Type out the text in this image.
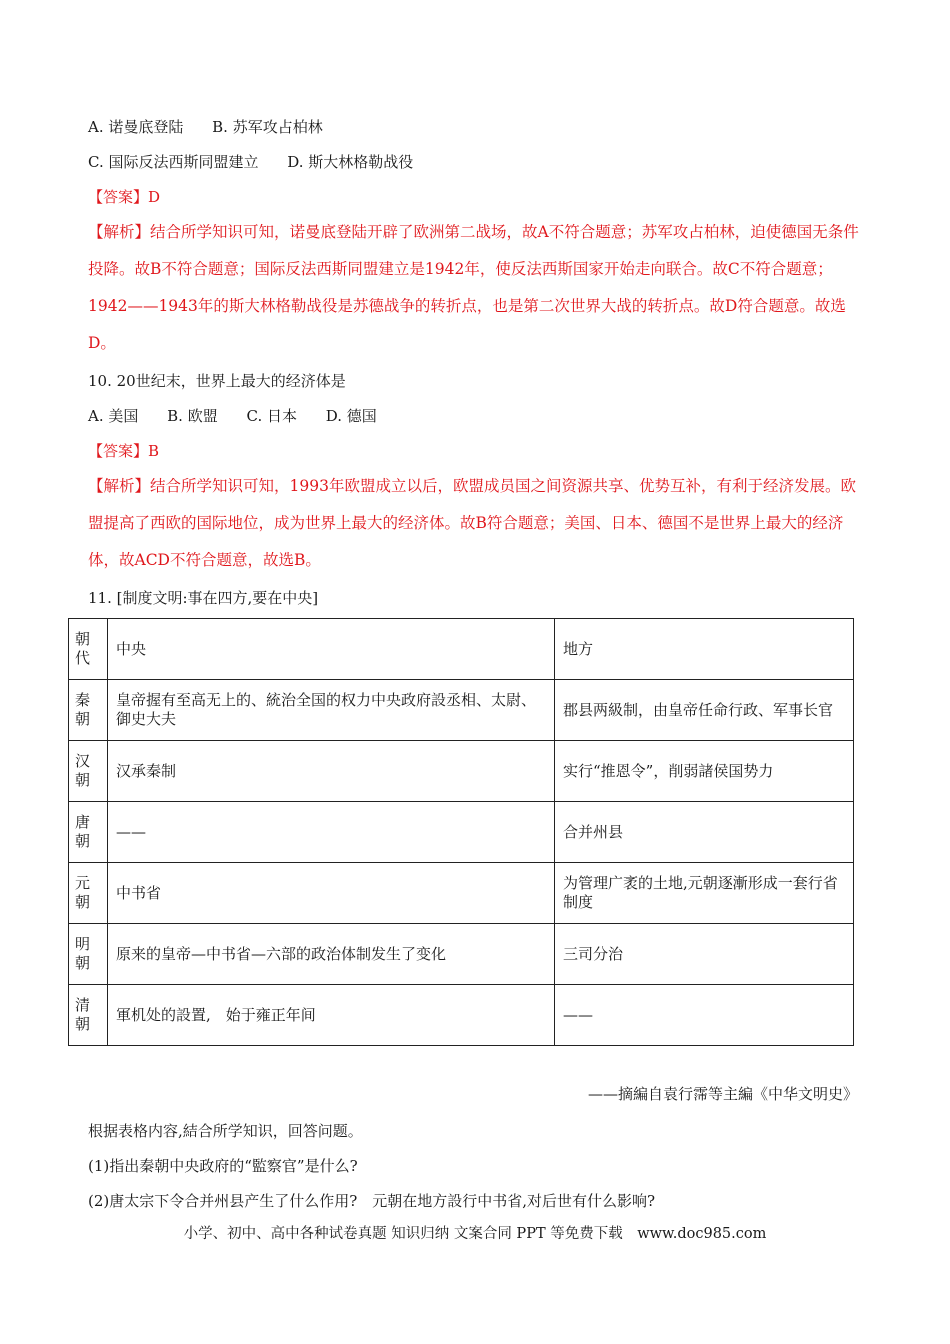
A. 诺曼底登陆 B. 苏军攻占柏林
C. 国际反法西斯同盟建立 D. 斯大林格勒战役
【答案】D
【解析】结合所学知识可知，诺曼底登陆开辟了欧洲第二战场，故A不符合题意；苏军攻占柏林，迫使德国无条件投降。故B不符合题意；国际反法西斯同盟建立是1942年，使反法西斯国家开始走向联合。故C不符合题意；1942——1943年的斯大林格勒战役是苏德战争的转折点，也是第二次世界大战的转折点。故D符合题意。故选D。
10. 20世纪末，世界上最大的经济体是
A. 美国 B. 欧盟 C. 日本 D. 德国
【答案】B
【解析】结合所学知识可知，1993年欧盟成立以后，欧盟成员国之间资源共享、优势互补，有利于经济发展。欧盟提高了西欧的国际地位，成为世界上最大的经济体。故B符合题意；美国、日本、德国不是世界上最大的经济体，故ACD不符合题意，故选B。
11. [制度文明:事在四方,要在中央]
朝代	中央	地方
秦朝	皇帝握有至高无上的、統治全国的权力中央政府設丞相、太尉、御史大夫	郡县两級制，由皇帝任命行政、军事长官
汉朝	汉承秦制	实行“推恩令”，削弱諸侯国势力
唐朝	——	合并州县
元朝	中书省	为管理广袤的土地,元朝逐漸形成一套行省制度
明朝	原来的皇帝—中书省—六部的政治体制发生了变化	三司分治
清朝	軍机处的設置,　始于雍正年间	——
——摘編自袁行霈等主編《中华文明史》
根据表格内容,結合所学知识，回答问题。
(1)指出秦朝中央政府的“監察官”是什么?
(2)唐太宗下令合并州县产生了什么作用?　元朝在地方設行中书省,对后世有什么影响?
小学、初中、高中各种试卷真题 知识归纳 文案合同 PPT 等免费下载　www.doc985.com
